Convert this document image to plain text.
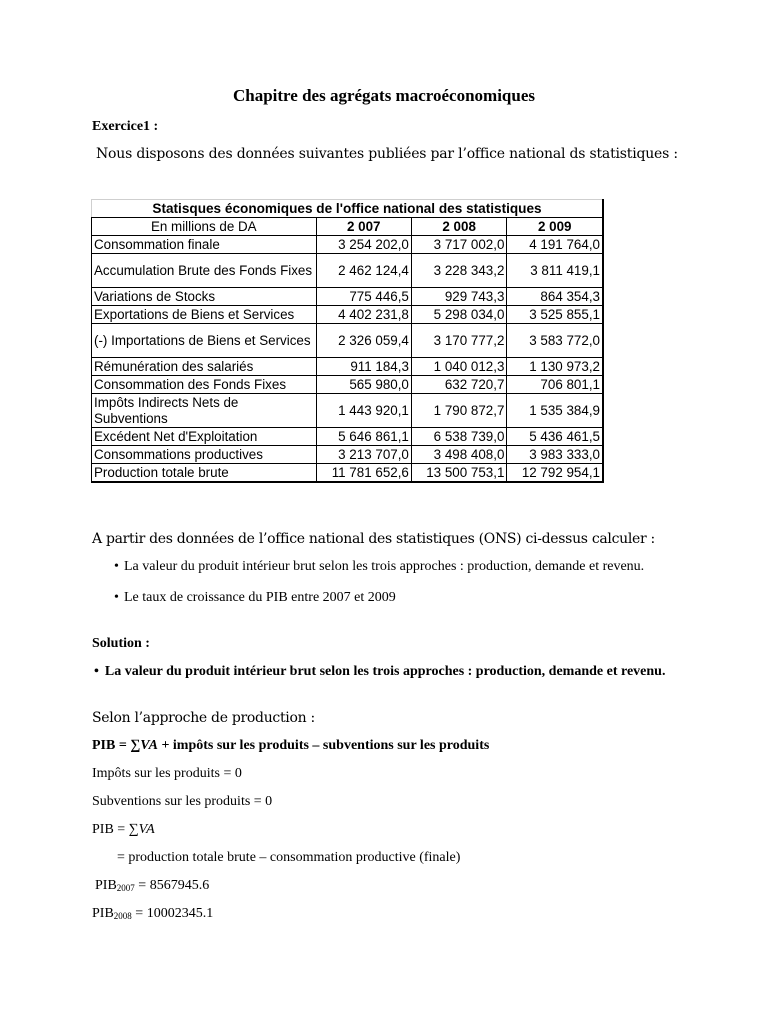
Chapitre des agrégats macroéconomiques
Exercice1 :
Nous disposons des données suivantes publiées par l’office national ds statistiques :
Statisques économiques de l'office national des statistiques			
En millions de DA	2 007	2 008	2 009
Consommation finale	3 254 202,0	3 717 002,0	4 191 764,0
Accumulation Brute des Fonds Fixes	2 462 124,4	3 228 343,2	3 811 419,1
Variations de Stocks	775 446,5	929 743,3	864 354,3
Exportations de Biens et Services	4 402 231,8	5 298 034,0	3 525 855,1
(-) Importations de Biens et Services	2 326 059,4	3 170 777,2	3 583 772,0
Rémunération des salariés	911 184,3	1 040 012,3	1 130 973,2
Consommation des Fonds Fixes	565 980,0	632 720,7	706 801,1
Impôts Indirects Nets de Subventions	1 443 920,1	1 790 872,7	1 535 384,9
Excédent Net d'Exploitation	5 646 861,1	6 538 739,0	5 436 461,5
Consommations productives	3 213 707,0	3 498 408,0	3 983 333,0
Production totale brute	11 781 652,6	13 500 753,1	12 792 954,1
A partir des données de l’office national des statistiques (ONS) ci-dessus calculer :
• La valeur du produit intérieur brut selon les trois approches : production, demande et revenu.
• Le taux de croissance du PIB entre 2007 et 2009
Solution :
• La valeur du produit intérieur brut selon les trois approches : production, demande et revenu.
Selon l’approche de production :
PIB = ∑VA + impôts sur les produits – subventions sur les produits
Impôts sur les produits = 0
Subventions sur les produits = 0
PIB = ∑VA
= production totale brute – consommation productive (finale)
$PIB_{2007} = 8567945.6$
$PIB_{2008} = 10002345.1$
